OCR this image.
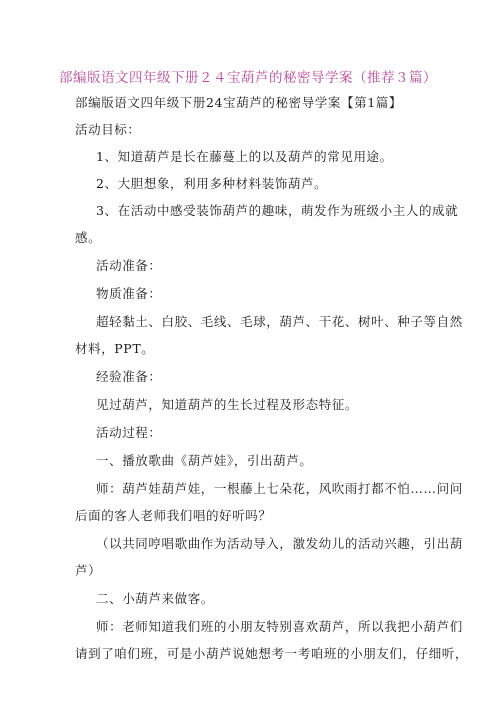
部编版语文四年级下册２４宝葫芦的秘密导学案（推荐３篇）
部编版语文四年级下册24宝葫芦的秘密导学案【第1篇】
活动目标：
1、知道葫芦是长在藤蔓上的以及葫芦的常见用途。
2、大胆想象，利用多种材料装饰葫芦。
3、在活动中感受装饰葫芦的趣味，萌发作为班级小主人的成就
感。
活动准备：
物质准备：
超轻黏土、白胶、毛线、毛球，葫芦、干花、树叶、种子等自然
材料，PPT。
经验准备：
见过葫芦，知道葫芦的生长过程及形态特征。
活动过程：
一、播放歌曲《葫芦娃》，引出葫芦。
师：葫芦娃葫芦娃，一根藤上七朵花，风吹雨打都不怕……问问
后面的客人老师我们唱的好听吗？
（以共同哼唱歌曲作为活动导入，激发幼儿的活动兴趣，引出葫
芦）
二、小葫芦来做客。
师：老师知道我们班的小朋友特别喜欢葫芦，所以我把小葫芦们
请到了咱们班，可是小葫芦说她想考一考咱班的小朋友们，仔细听，
